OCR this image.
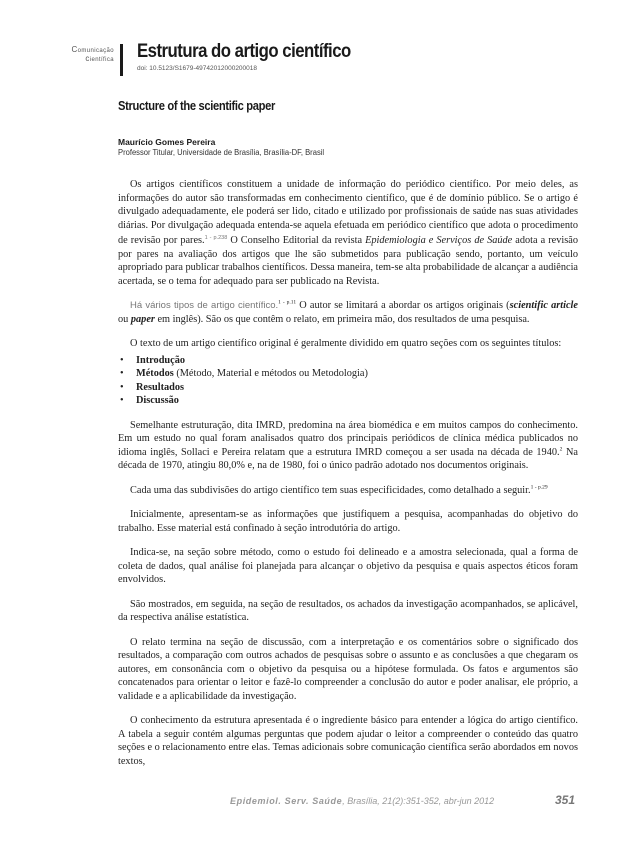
Comunicação
científica Estrutura do artigo científico
doi: 10.5123/S1679-49742012000200018
Structure of the scientific paper
Maurício Gomes Pereira
Professor Titular, Universidade de Brasília, Brasília-DF, Brasil

Os artigos científicos constituem a unidade de informação do periódico científico. Por meio deles, as informações do autor são transformadas em conhecimento científico, que é de domínio público. Se o artigo é divulgado adequadamente, ele poderá ser lido, citado e utilizado por profissionais de saúde nas suas atividades diárias. Por divulgação adequada entenda-se aquela efetuada em periódico científico que adota o procedimento de revisão por pares.$^{1 - p.238}$ O Conselho Editorial da revista Epidemiologia e Serviços de Saúde adota a revisão por pares na avaliação dos artigos que lhe são submetidos para publicação sendo, portanto, um veículo apropriado para publicar trabalhos científicos. Dessa maneira, tem-se alta probabilidade de alcançar a audiência acertada, se o tema for adequado para ser publicado na Revista.

Há vários tipos de artigo científico.$^{1 - p.11}$ O autor se limitará a abordar os artigos originais (scientific article ou paper em inglês). São os que contêm o relato, em primeira mão, dos resultados de uma pesquisa.

O texto de um artigo científico original é geralmente dividido em quatro seções com os seguintes títulos:

• Introdução
• Métodos (Método, Material e métodos ou Metodologia)
• Resultados
• Discussão

Semelhante estruturação, dita IMRD, predomina na área biomédica e em muitos campos do conhecimento. Em um estudo no qual foram analisados quatro dos principais periódicos de clínica médica publicados no idioma inglês, Sollaci e Pereira relatam que a estrutura IMRD começou a ser usada na década de 1940.$^2$ Na década de 1970, atingiu 80,0% e, na de 1980, foi o único padrão adotado nos documentos originais.

Cada uma das subdivisões do artigo científico tem suas especificidades, como detalhado a seguir.$^{1 - p.29}$

Inicialmente, apresentam-se as informações que justifiquem a pesquisa, acompanhadas do objetivo do trabalho. Esse material está confinado à seção introdutória do artigo.

Indica-se, na seção sobre método, como o estudo foi delineado e a amostra selecionada, qual a forma de coleta de dados, qual análise foi planejada para alcançar o objetivo da pesquisa e quais aspectos éticos foram envolvidos.

São mostrados, em seguida, na seção de resultados, os achados da investigação acompanhados, se aplicável, da respectiva análise estatística.

O relato termina na seção de discussão, com a interpretação e os comentários sobre o significado dos resultados, a comparação com outros achados de pesquisas sobre o assunto e as conclusões a que chegaram os autores, em consonância com o objetivo da pesquisa ou a hipótese formulada. Os fatos e argumentos são concatenados para orientar o leitor e fazê-lo compreender a conclusão do autor e poder analisar, ele próprio, a validade e a aplicabilidade da investigação.

O conhecimento da estrutura apresentada é o ingrediente básico para entender a lógica do artigo científico. A tabela a seguir contém algumas perguntas que podem ajudar o leitor a compreender o conteúdo das quatro seções e o relacionamento entre elas. Temas adicionais sobre comunicação científica serão abordados em novos textos,

Epidemiol. Serv. Saúde, Brasília, 21(2):351-352, abr-jun 2012	351
